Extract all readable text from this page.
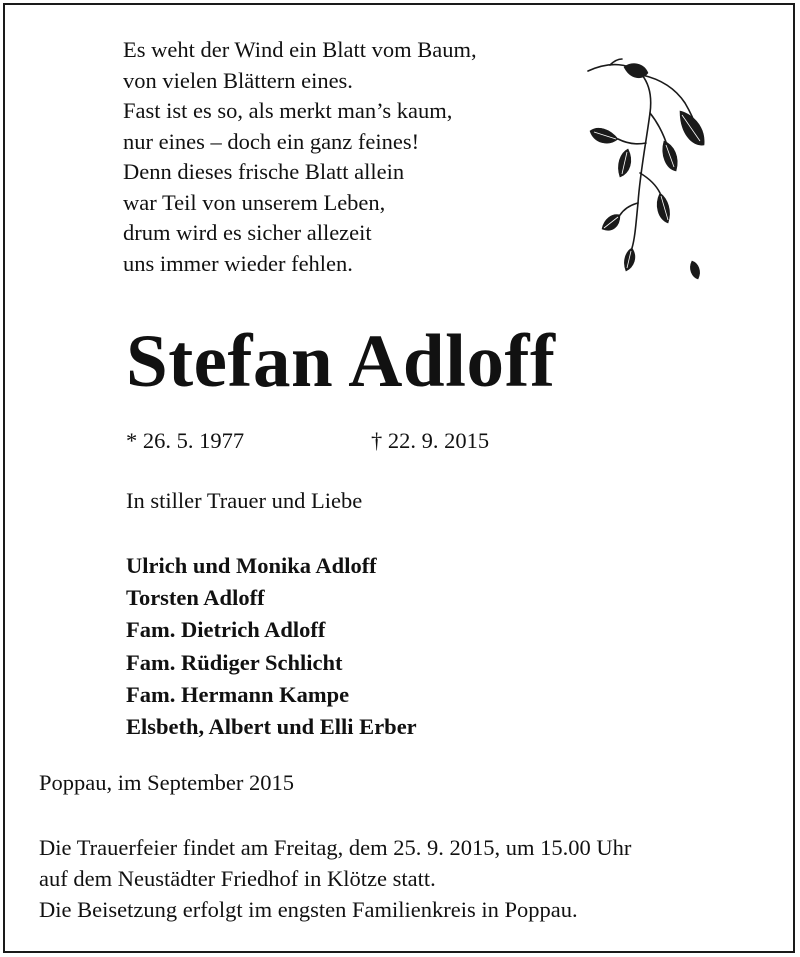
Es weht der Wind ein Blatt vom Baum,
von vielen Blättern eines.
Fast ist es so, als merkt man’s kaum,
nur eines – doch ein ganz feines!
Denn dieses frische Blatt allein
war Teil von unserem Leben,
drum wird es sicher allezeit
uns immer wieder fehlen.
Stefan Adloff
* 26. 5. 1977	† 22. 9. 2015
In stiller Trauer und Liebe
Ulrich und Monika Adloff
Torsten Adloff
Fam. Dietrich Adloff
Fam. Rüdiger Schlicht
Fam. Hermann Kampe
Elsbeth, Albert und Elli Erber
Poppau, im September 2015
Die Trauerfeier findet am Freitag, dem 25. 9. 2015, um 15.00 Uhr
auf dem Neustädter Friedhof in Klötze statt.
Die Beisetzung erfolgt im engsten Familienkreis in Poppau.
